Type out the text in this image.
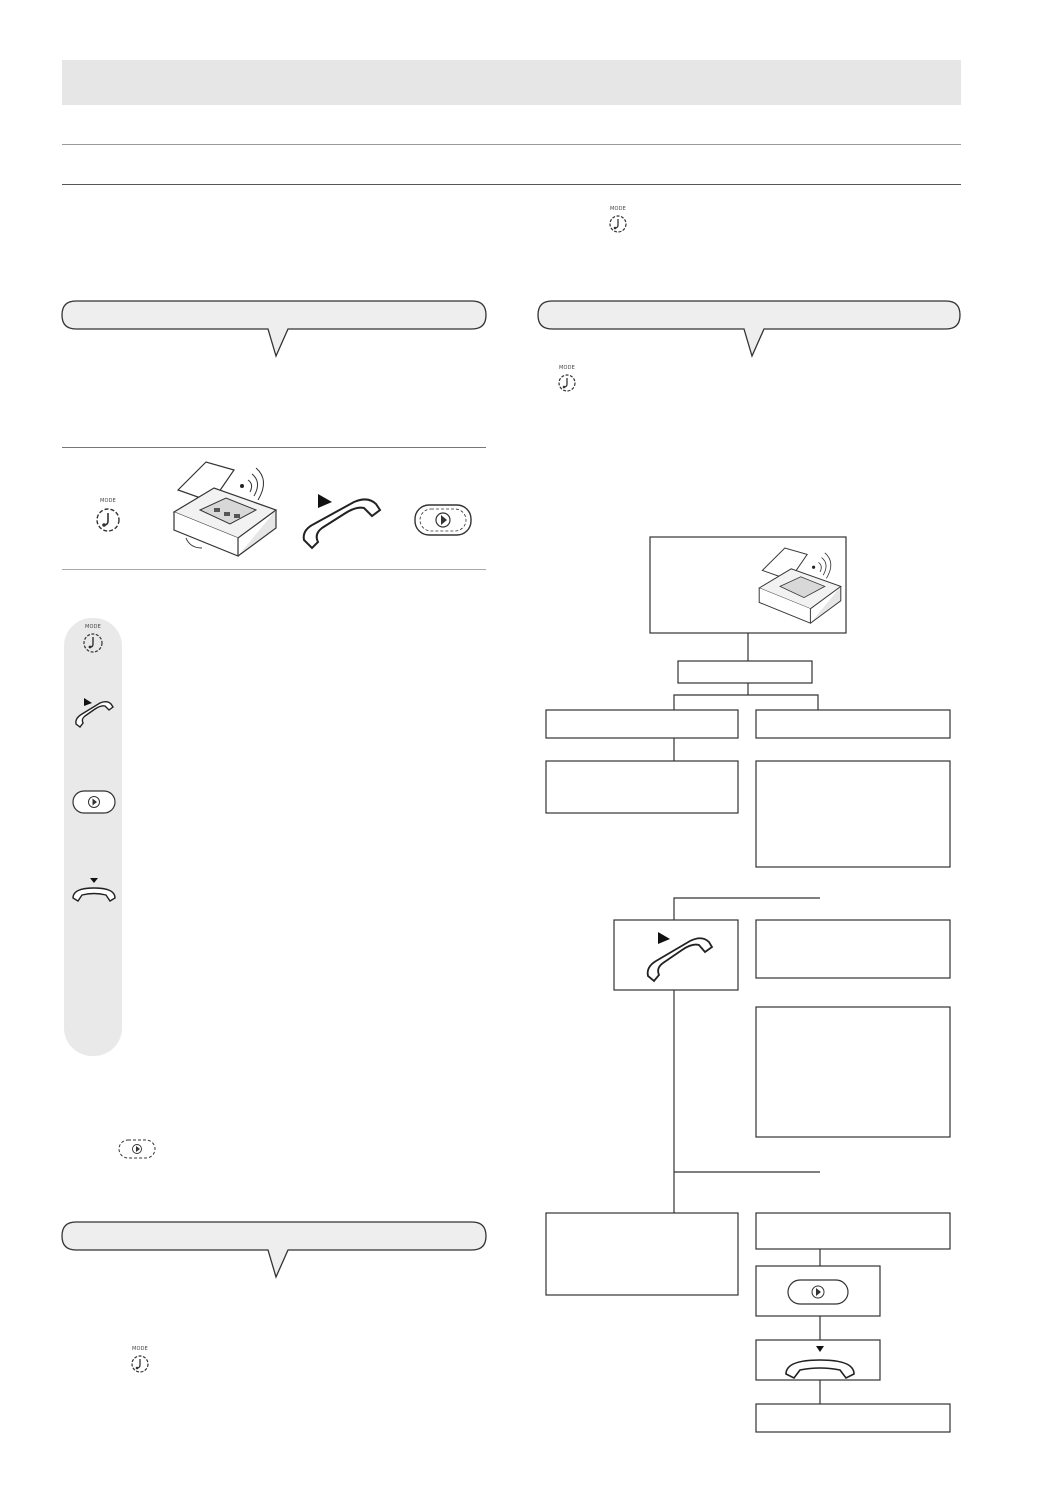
MODE
MODE
MODE
MODE
MODE
